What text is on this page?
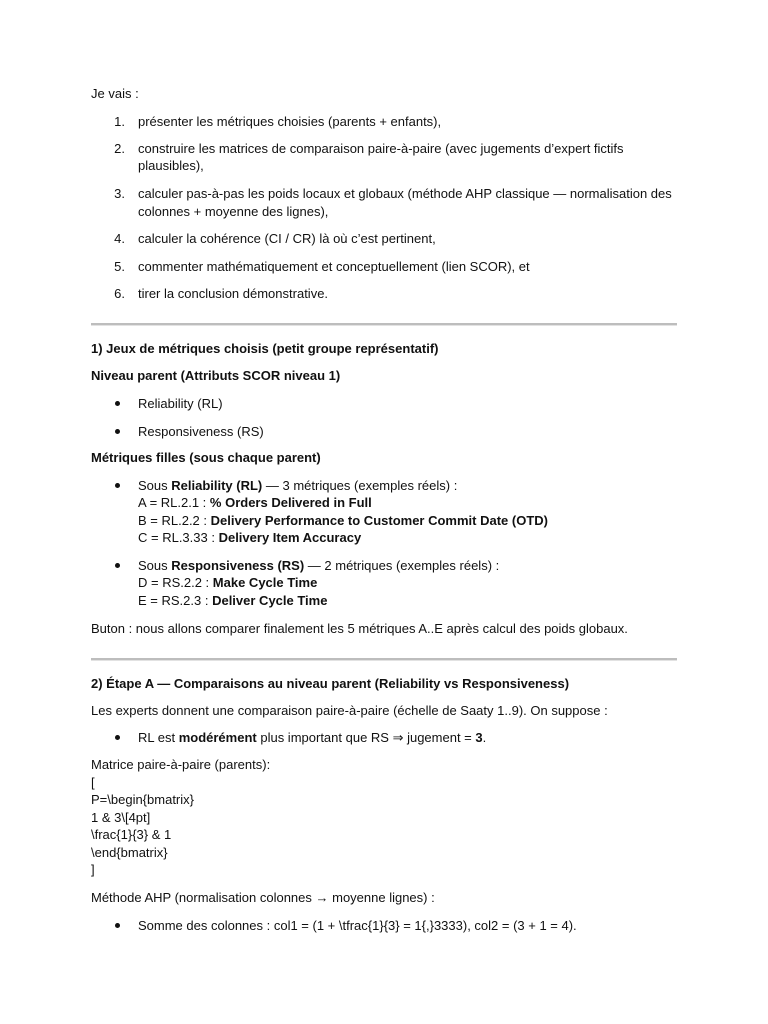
Je vais :

1. présenter les métriques choisies (parents + enfants),

2. construire les matrices de comparaison paire-à-paire (avec jugements d’expert fictifs

plausibles),

3. calculer pas-à-pas les poids locaux et globaux (méthode AHP classique — normalisation des

colonnes + moyenne des lignes),

4. calculer la cohérence (CI / CR) là où c’est pertinent,

5. commenter mathématiquement et conceptuellement (lien SCOR), et

6. tirer la conclusion démonstrative.

1) Jeux de métriques choisis (petit groupe représentatif)

Niveau parent (Attributs SCOR niveau 1)

Reliability (RL)

Responsiveness (RS)

Métriques filles (sous chaque parent)

Sous Reliability (RL) — 3 métriques (exemples réels) :

A = RL.2.1 : % Orders Delivered in Full

B = RL.2.2 : Delivery Performance to Customer Commit Date (OTD)

C = RL.3.33 : Delivery Item Accuracy

Sous Responsiveness (RS) — 2 métriques (exemples réels) :

D = RS.2.2 : Make Cycle Time

E = RS.2.3 : Deliver Cycle Time

Buton : nous allons comparer finalement les 5 métriques A..E après calcul des poids globaux.

2) Étape A — Comparaisons au niveau parent (Reliability vs Responsiveness)

Les experts donnent une comparaison paire-à-paire (échelle de Saaty 1..9). On suppose :

RL est modérément plus important que RS ⇒ jugement = 3.

Matrice paire-à-paire (parents):

[

P=\begin{bmatrix}

1 & 3\[4pt]

\frac{1}{3} & 1

\end{bmatrix}

]

Méthode AHP (normalisation colonnes → moyenne lignes) :

Somme des colonnes : col1 = (1 + \tfrac{1}{3} = 1{,}3333), col2 = (3 + 1 = 4).
